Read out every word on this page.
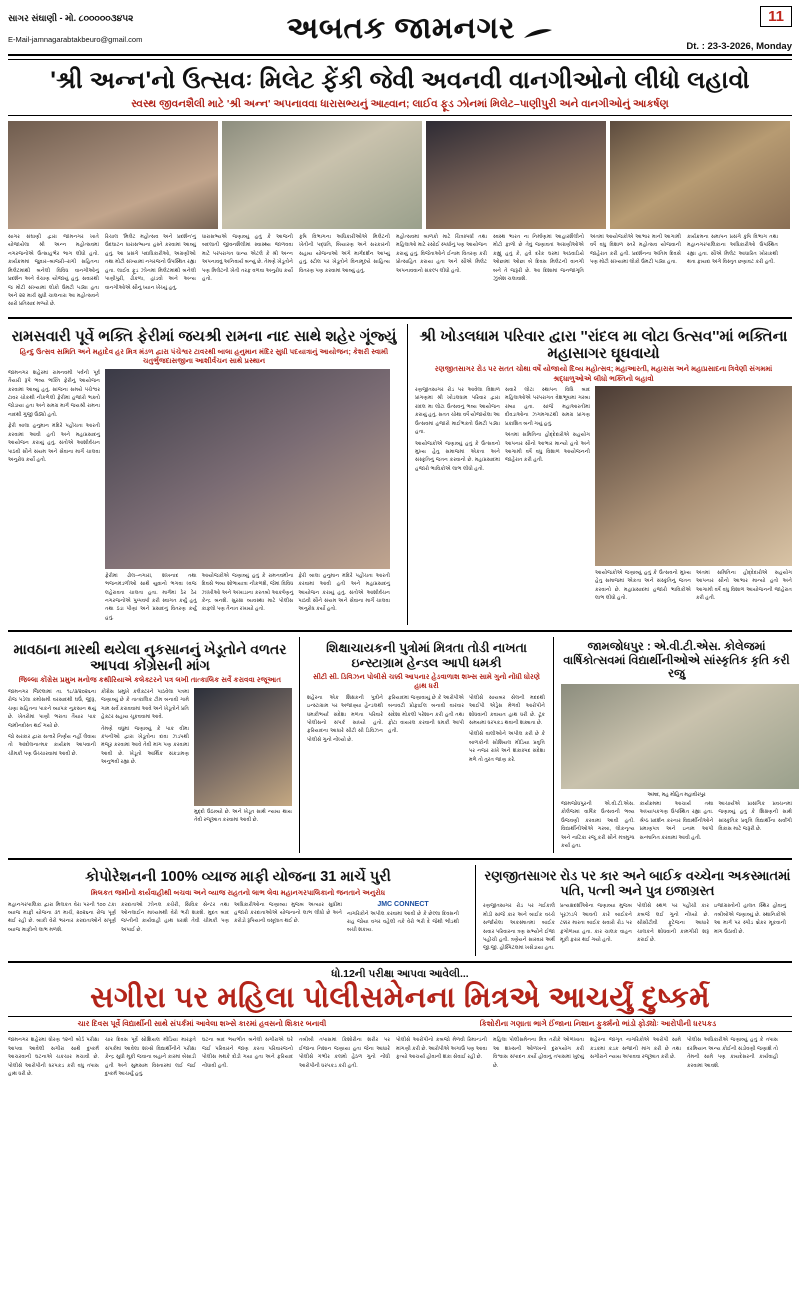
સાગર સંઘાણી - મો. ૮૦૦૦૦૦૩૪૫૨
E-Mail-jamnagarabtakbeuro@gmail.com	અબતક જામનગર	11
Dt. : 23-3-2026, Monday
'શ્રી અન્ન'નો ઉત્સવઃ મિલેટ ફેંકી જેવી અવનવી વાનગીઓનો લીધો લહાવો
સ્વસ્થ જીવનશૈલી માટે 'શ્રી અન્ન' અપનાવવા ધારાસભ્યનું આહ્વાન; લાઈવ ફૂડ ઝોનમાં મિલેટ–પાણીપુરી અને વાનગીઓનું આકર્ષણ

સાગર સંઘાણી દ્વારા જામનગર ખાતે યોજાયેલા શ્રી અન્ન મહોત્સવમાં નગરજનોએ ઉત્સાહભેર ભાગ લીધો હતો. કાર્યક્રમમાં જુવાર–બાજરી–રાગી સહિતના મિલેટમાંથી બનેલી વિવિધ વાનગીઓનું પ્રદર્શન અને વેચાણ યોજાયું હતું. સવારથી જ મોટી સંખ્યામાં લોકો ઉમટી પડ્યા હતા અને ૨૨ માર્ચ સુધી ચાલનારા આ મહોત્સવને સારો પ્રતિસાદ મળ્યો છે.

રિચાલ 'મિલેટ મહોત્સવ અને પ્રદર્શન'નું ઉદઘાટન ધારાસભ્યના હસ્તે કરવામાં આવ્યું હતું. આ પ્રસંગે પદાધિકારીઓ, અગ્રણીઓ તથા મોટી સંખ્યામાં નગરજનો ઉપસ્થિત રહ્યા હતા. લાઈવ ફૂડ ઝોનમાં મિલેટમાંથી બનેલી પાણીપુરી, ઢોકળા, હાંડવો અને અન્ય વાનગીઓએ સૌનું ધ્યાન ખેંચ્યું હતું.

ધારાસભ્યએ જણાવ્યું હતું કે આજની બદલાતી જીવનશૈલીમાં સ્વાસ્થ્ય જાળવવા માટે પરંપરાગત ધાન્ય એટલે કે શ્રી અન્ન અપનાવવું અનિવાર્ય બન્યું છે. તેમણે ખેડૂતોને પણ મિલેટની ખેતી તરફ વળવા અનુરોધ કર્યો હતો.

કૃષિ વિભાગના અધિકારીઓએ મિલેટની ખેતીની પદ્ધતિ, બિયારણ અને સરકારની સહાય યોજનાઓ અંગે માર્ગદર્શન આપ્યું હતું. સ્ટોલ પર ખેડૂતોને વિનામૂલ્યે સાહિત્ય વિતરણ પણ કરવામાં આવ્યું હતું.

મહોત્સવમાં બાળકો માટે ચિત્રસ્પર્ધા તથા મહિલાઓ માટે રસોઈ સ્પર્ધાનું પણ આયોજન કરાયું હતું. વિજેતાઓને ઈનામ વિતરણ કરી પ્રોત્સાહિત કરાયા હતા અને સૌએ મિલેટ અપનાવવાનો સંકલ્પ લીધો હતો.

સ્વસ્થ ભારત ના નિર્માણમાં આહારશૈલીનો મોટો ફાળો છે તેવું જણાવતાં અગ્રણીઓએ કહ્યું હતું કે, હવે દરેક ઘરમાં અઠવાડિયે ઓછામાં ઓછા બે દિવસ મિલેટની વાનગી બને તે જરૂરી છે. આ દિશામાં જનજાગૃતિ ઝુંબેશ ચલાવાશે.

અંતમાં આયોજકોએ આભાર માની આગામી વર્ષે વધુ વિશાળ સ્તરે મહોત્સવ યોજવાની જાહેરાત કરી હતી. પ્રદર્શનના અંતિમ દિવસે પણ મોટી સંખ્યામાં લોકો ઉમટી પડ્યા હતા.

કાર્યક્રમના સમાપન પ્રસંગે કૃષિ વિભાગ તથા મહાનગરપાલિકાના અધિકારીઓ ઉપસ્થિત રહ્યા હતા. સૌએ મિલેટ આધારિત ખોરાકથી થતા ફાયદા અંગે વિસ્તૃત છણાવટ કરી હતી.

રામસવારી પૂર્વે ભક્તિ ફેરીમાં જયશ્રી રામના નાદ સાથે શહેર ગૂંજ્યું
હિન્દુ ઉત્સવ સમિતિ અને મહાદેવ હર મિત્ર મંડળ દ્વારા પંચેશ્વર ટાવરથી બાલા હનુમાન મંદિર સુધી પદયાત્રાનું આયોજન; કેશરી સ્વામી ચતુર્ભુજદાસજીના આશીર્વચન સાથે પ્રસ્થાન

જામનગર શહેરમાં રામનવમી પર્વની પૂર્વ તૈયારી રૂપે ભવ્ય ભક્તિ ફેરીનું આયોજન કરવામાં આવ્યું હતું. સાંજના સમયે પંચેશ્વર ટાવર ચોકથી નીકળેલી ફેરીમાં હજારો ભક્તો જોડાયા હતા અને સમગ્ર માર્ગ જયશ્રી રામના નાદથી ગુંજી ઉઠ્યો હતો.

ફેરી બાલા હનુમાન મંદિરે પહોંચતા આરતી કરવામાં આવી હતી અને મહાપ્રસાદનું આયોજન કરાયું હતું. સંતોએ આશીર્વચન પાઠવી સૌને સંયમ અને સેવાના માર્ગે ચાલવા અનુરોધ કર્યો હતો.

ફેરીમાં ઢોલ–નગારાં, શંખનાદ તથા ભજનમંડળીઓ સાથે યુવાનો ભગવા ધ્વજ લહેરાવતા ચાલતા હતા. માર્ગમાં ઠેર ઠેર નગરજનોએ પુષ્પવર્ષા કરી સ્વાગત કર્યું હતું તથા ઠંડા પીણાં અને પ્રસાદનું વિતરણ કર્યું હતું.

આયોજકોએ જણાવ્યું હતું કે રામનવમીના દિવસે ભવ્ય શોભાયાત્રા નીકળશે, જેમાં વિવિધ ઝાંખીઓ અને અખાડાના કરતબો આકર્ષણનું કેન્દ્ર બનશે. સુરક્ષા વ્યવસ્થા માટે પોલીસ કાફલો પણ તૈનાત રખાયો હતો.

ફેરી બાલા હનુમાન મંદિરે પહોંચતા આરતી કરવામાં આવી હતી અને મહાપ્રસાદનું આયોજન કરાયું હતું. સંતોએ આશીર્વચન પાઠવી સૌને સંયમ અને સેવાના માર્ગે ચાલવા અનુરોધ કર્યો હતો.

શ્રી ખોડલધામ પરિવાર દ્વારા ''રાંદલ મા લોટા ઉત્સવ''માં ભક્તિના મહાસાગર ઘૂઘવાયો
રણજીતસાગર રોડ પર સતત ચોથા વર્ષે યોજાયો દિવ્ય મહોત્સવ; મહાઆરતી, મહારાસ અને મહાપ્રસાદના ત્રિવેણી સંગમમાં શ્રદ્ધાળુઓએ લીધો ભક્તિનો લહાવો

રણજીતસાગર રોડ પર આવેલા વિશાળ પ્રાંગણમાં શ્રી ખોડલધામ પરિવાર દ્વારા રાંદલ મા લોટા ઉત્સવનું ભવ્ય આયોજન કરાયું હતું. સતત ચોથા વર્ષે યોજાયેલા આ ઉત્સવમાં હજારો માઈભક્તો ઉમટી પડ્યા હતા.

આયોજકોએ જણાવ્યું હતું કે ઉત્સવનો મુખ્ય હેતુ સમાજમાં એકતા અને સંસ્કૃતિનું જતન કરવાનો છે. મહાપ્રસાદમાં હજારો ભાવિકોએ લાભ લીધો હતો.

સવારે લોટા સ્થાપન વિધિ બાદ મહિલાઓએ પરંપરાગત વેશભૂષામાં ગરબા રમ્યા હતા. સાંજે મહાઆરતીમાં દીવડાઓના ઝગમગાટથી સમગ્ર પ્રાંગણ પ્રકાશિત બની ગયું હતું.

અંતમાં સમિતિના હોદ્દેદારોએ સહયોગ આપનાર સૌનો આભાર માન્યો હતો અને આગામી વર્ષે વધુ વિશાળ આયોજનની જાહેરાત કરી હતી.

આયોજકોએ જણાવ્યું હતું કે ઉત્સવનો મુખ્ય હેતુ સમાજમાં એકતા અને સંસ્કૃતિનું જતન કરવાનો છે. મહાપ્રસાદમાં હજારો ભાવિકોએ લાભ લીધો હતો.

અંતમાં સમિતિના હોદ્દેદારોએ સહયોગ આપનાર સૌનો આભાર માન્યો હતો અને આગામી વર્ષે વધુ વિશાળ આયોજનની જાહેરાત કરી હતી.

માવઠાના મારથી થયેલા નુકસાનનું ખેડૂતોને વળતર આપવા કોંગ્રેસની માંગ
જિલ્લા કોંગ્રેસ પ્રમુખ મનોજ કથીરિયાએ કલેક્ટરને પત્ર લખી તાત્કાલિક સર્વે કરાવવા રજૂઆત

જામનગર જિલ્લામાં તા. ૧૮/૩/૨૦૨૬ના રોજ પડેલા કમોસમી વરસાદથી ઘઉં, જીરૂ, ચણા સહિતના પાકને વ્યાપક નુકસાન થયું છે. ખેતરોમાં પાણી ભરાતા તૈયાર પાક જમીનદોસ્ત થઈ ગયો છે.

જો સરકાર દ્વારા સત્વરે નિર્ણય નહીં લેવાય તો આંદોલનાત્મક કાર્યક્રમ આપવાની ચીમકી પણ ઉચ્ચારવામાં આવી છે.

કોંગ્રેસ પ્રમુખે કલેક્ટરને પાઠવેલા પત્રમાં જણાવ્યું છે કે તાત્કાલિક ટીમ બનાવી ગામે ગામ સર્વે કરાવવામાં આવે અને ખેડૂતોને પ્રતિ હેક્ટર સહાય ચૂકવવામાં આવે.

તેમણે વધુમાં જણાવ્યું કે પાક વીમા કંપનીઓ દ્વારા ખેડૂતોના દાવા ઝડપથી મંજૂર કરવામાં આવે તેવી માંગ પણ કરવામાં આવી છે. ખેડૂતો આર્થિક સંકડામણ અનુભવી રહ્યા છે.

મુદ્દો ઉઠાવ્યો છે. અને ખેડૂત સાથે ન્યાય થાય તેવી રજૂઆત કરવામાં આવી છે.

શિક્ષાચાયકની પુત્રોમાં મિત્રતા તોડી નાખતા ઇન્સ્ટાગ્રામ હેન્ડલ આપી ધમકી
સીટી સી. ડિવિઝન પોલીસે ચક્કી આપનાર હેડવાળાશ શખ્સ સામે ગુનો નોંધી ધોરણે હાથ ધરી

શહેરના એક શિક્ષકની પુત્રીને ઇન્સ્ટાગ્રામ પર અજાણ્યા હેન્ડલથી ધમકીભર્યા સંદેશા મળતા પરિવારે પોલીસનો સંપર્ક સાધ્યો હતો. ફરિયાદના આધારે સીટી સી ડિવિઝન પોલીસે ગુનો નોંધ્યો છે.

ફરિયાદમાં જણાવાયું છે કે આરોપીએ બનાવટી પ્રોફાઈલ બનાવી વારંવાર સંદેશા મોકલી પરેશાન કરી હતી તથા ફોટા વાયરલ કરવાની ધમકી આપી હતી.

પોલીસે સાયબર સેલની મદદથી આઈપી એડ્રેસ મેળવી આરોપીને શોધવાની કવાયત હાથ ધરી છે. ટૂંક સમયમાં ધરપકડ થવાની શક્યતા છે.

પોલીસે વાલીઓને અપીલ કરી છે કે બાળકોની સોશિયલ મીડિયા પ્રવૃત્તિ પર નજર રાખે અને શંકાસ્પદ સંદેશા મળે તો તુરંત જાણ કરે.

જામજોધપુર : એ.વી.ટી.એસ. કોલેજમાં વાર્ષિકોત્સવમાં વિદ્યાર્થીનીઓએ સાંસ્કૃતિક કૃતિ કરી રજુ
અમદ, મહ મોહિત મહાવીરપુર

જામજોધપુરની એ.વી.ટી.એસ. કોલેજમાં વાર્ષિક ઉત્સવની ભવ્ય ઉજવણી કરવામાં આવી હતી. વિદ્યાર્થીનીઓએ ગરબા, લોકનૃત્ય અને નાટિકા રજૂ કરી સૌને મંત્રમુગ્ધ કર્યા હતા.

કાર્યક્રમમાં આચાર્ય તથા અધ્યાપકગણ ઉપસ્થિત રહ્યા હતા. શ્રેષ્ઠ પ્રદર્શન કરનાર વિદ્યાર્થીનીઓને પ્રમાણપત્ર અને ઇનામ આપી સન્માનિત કરવામાં આવી હતી.

આચાર્યએ પ્રાસંગિક પ્રવચનમાં જણાવ્યું હતું કે શિક્ષણની સાથે સાંસ્કૃતિક પ્રવૃત્તિ વિદ્યાર્થીના સર્વાંગી વિકાસ માટે જરૂરી છે.

કોપોરેશનની 100% વ્યાજ માફી યોજના 31 માર્ચે પુરી
મિલકત જમીનો કાર્યવાહીથી બચવા અને વ્યાજ રાહતનો લાભ લેવા મહાનગરપાલિકાનો જનતાને અનુરોધ

મહાનગરપાલિકા દ્વારા મિલકત વેરા પરની ૧૦૦ ટકા વ્યાજ માફી યોજના ૩૧ માર્ચ, ૨૦૨૬ના રોજ પૂર્ણ થઈ રહી છે. બાકી વેરો ભરનાર કરદાતાઓને સંપૂર્ણ વ્યાજ માફીનો લાભ મળશે.

કરદાતાઓ ઝોનલ કચેરી, સિવિક સેન્ટર તથા ઓનલાઈન માધ્યમથી વેરો ભરી શકશે. મુદત બાદ જપ્તીની કાર્યવાહી હાથ ધરાશે તેવી ચીમકી પણ અપાઈ છે.

અધિકારીઓના જણાવ્યા મુજબ અત્યાર સુધીમાં હજારો કરદાતાઓએ યોજનાનો લાભ લીધો છે અને કરોડો રૂપિયાની વસૂલાત થઈ છે.

JMC CONNECT

નાગરિકોને અપીલ કરવામાં આવી છે કે છેલ્લા દિવસની રાહ જોયા વગર વહેલી તકે વેરો ભરી દે જેથી ભીડથી બચી શકાય.

રણજીતસાગર રોડ પર કાર અને બાઈક વચ્ચેના અકસ્માતમાં પતિ, પત્ની અને પુત્ર ઇજાગ્રસ્ત

રણજીતસાગર રોડ પર ગઈકાલે મોડી સાંજે કાર અને બાઈક વચ્ચે સર્જાયેલા અકસ્માતમાં બાઈક સવાર પરિવારના ત્રણ સભ્યોને ઈજા પહોંચી હતી. ત્રણેયને સારવાર અર્થે જી.જી. હોસ્પિટલમાં ખસેડાયા હતા.

પ્રત્યક્ષદર્શીઓના જણાવ્યા મુજબ પૂરઝડપે આવતી કારે બાઈકને ટક્કર મારતા બાઈક સવારો રોડ પર ફંગોળાયા હતા. કાર ચાલક વાહન મૂકી ફરાર થઈ ગયો હતો.

પોલીસે સ્થળ પર પહોંચી કાર કબજે લઈ ગુનો નોંધ્યો છે. સીસીટીવી ફૂટેજના આધારે ચાલકને શોધવાની કામગીરી શરૂ કરાઈ છે.

ઇજાગ્રસ્તોની હાલત સ્થિર હોવાનું તબીબોએ જણાવ્યું છે. સ્થાનિકોએ આ માર્ગ પર સ્પીડ બ્રેકર મૂકવાની માંગ ઉઠાવી છે.

ધો.12ની પરીક્ષા આપવા આવેલી...
સગીરા પર મહિલા પોલીસમેનના મિત્રએ આચર્યું દુષ્કર્મ
ચાર દિવસ પૂર્વે વિદ્યાર્થીની સાથે સંપર્કમાં આવેલા શખ્સે કારમાં હવસનો શિકાર બનાવી	કિશોરીના ગણાતા ભાગે ઈંજાના નિશાન ફુર્ક્મનો ભાંડો ફોડ્યોઃ આરોપીની ધરપકડ

જામનગર શહેરમાં ધોરણ ૧૨ની બોર્ડ પરીક્ષા આપવા આવેલી સગીરા સાથે દુષ્કર્મ આચરવાની ઘટનાએ ચકચાર મચાવી છે. પોલીસે આરોપીની ધરપકડ કરી વધુ તપાસ હાથ ધરી છે.

ચાર દિવસ પૂર્વે સોશિયલ મીડિયા મારફતે સંપર્કમાં આવેલા શખ્સે વિદ્યાર્થીનીને પરીક્ષા કેન્દ્ર સુધી મૂકી જવાના બહાને કારમાં બેસાડી હતી અને સુમસામ વિસ્તારમાં લઈ જઈ દુષ્કર્મ આચર્યું હતું.

ઘટના બાદ ભયભીત બનેલી સગીરાએ ઘરે જઈ પરિવારને જાણ કરતા પરિવારજનો પોલીસ મથકે દોડી ગયા હતા અને ફરિયાદ નોંધાવી હતી.

તબીબી તપાસમાં કિશોરીના શરીર પર ઈજાના નિશાન જણાયા હતા જેના આધારે પોલીસે ગંભીર કલમો હેઠળ ગુનો નોંધી આરોપીની ધરપકડ કરી હતી.

પોલીસે આરોપીનો કબજો મેળવી રિમાન્ડની માંગણી કરી છે. આરોપીએ અગાઉ પણ આવા કૃત્યો આચર્યા હોવાની શંકા સેવાઈ રહી છે.

મહિલા પોલીસમેનના મિત્ર તરીકે ઓળખાતા આ શખ્સની ઓળખનો દુરુપયોગ કરી વિશ્વાસ સંપાદન કર્યો હોવાનું તપાસમાં ખુલ્યું છે.

શહેરના જાગૃત નાગરિકોએ આરોપી સામે કડકમાં કડક સજાની માંગ કરી છે તથા સગીરાને ન્યાય અપાવવા રજૂઆત કરી છે.

પોલીસ અધિકારીએ જણાવ્યું હતું કે તપાસ દરમિયાન અન્ય કોઈની સંડોવણી જણાશે તો તેમની સામે પણ કાયદેસરની કાર્યવાહી કરવામાં આવશે.
